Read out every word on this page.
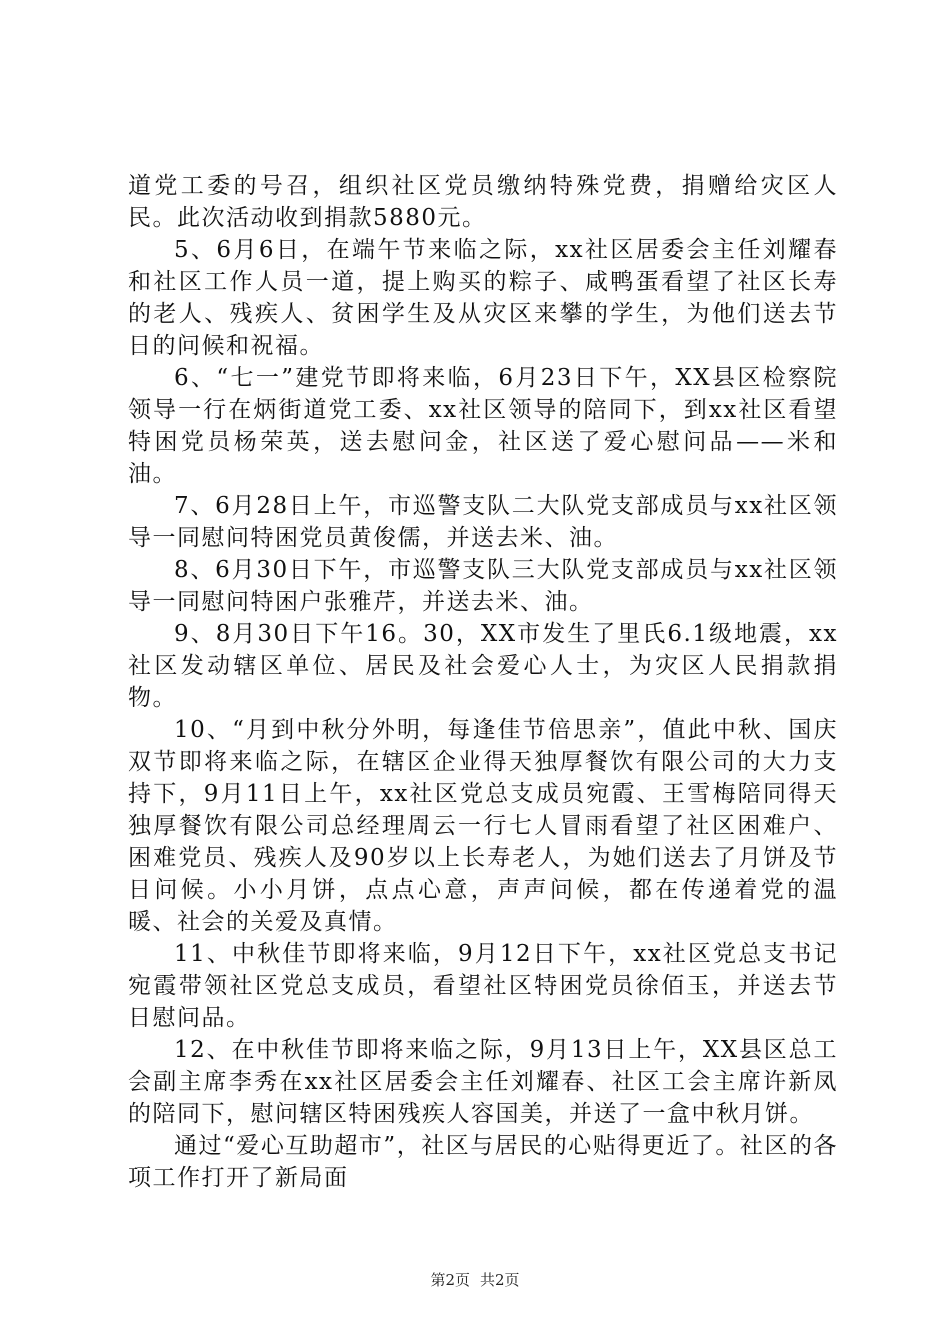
道党工委的号召，组织社区党员缴纳特殊党费，捐赠给灾区人民。此次活动收到捐款5880元。

5、6月6日，在端午节来临之际，xx社区居委会主任刘耀春和社区工作人员一道，提上购买的粽子、咸鸭蛋看望了社区长寿的老人、残疾人、贫困学生及从灾区来攀的学生，为他们送去节日的问候和祝福。

6、“七一”建党节即将来临，6月23日下午，XX县区检察院领导一行在炳街道党工委、xx社区领导的陪同下，到xx社区看望特困党员杨荣英，送去慰问金，社区送了爱心慰问品——米和油。

7、6月28日上午，市巡警支队二大队党支部成员与xx社区领导一同慰问特困党员黄俊儒，并送去米、油。

8、6月30日下午，市巡警支队三大队党支部成员与xx社区领导一同慰问特困户张雅芹，并送去米、油。

9、8月30日下午16。30，XX市发生了里氏6.1级地震，xx社区发动辖区单位、居民及社会爱心人士，为灾区人民捐款捐物。

10、“月到中秋分外明，每逢佳节倍思亲”，值此中秋、国庆双节即将来临之际，在辖区企业得天独厚餐饮有限公司的大力支持下，9月11日上午，xx社区党总支成员宛霞、王雪梅陪同得天独厚餐饮有限公司总经理周云一行七人冒雨看望了社区困难户、困难党员、残疾人及90岁以上长寿老人，为她们送去了月饼及节日问候。小小月饼，点点心意，声声问候，都在传递着党的温暖、社会的关爱及真情。

11、中秋佳节即将来临，9月12日下午，xx社区党总支书记宛霞带领社区党总支成员，看望社区特困党员徐佰玉，并送去节日慰问品。

12、在中秋佳节即将来临之际，9月13日上午，XX县区总工会副主席李秀在xx社区居委会主任刘耀春、社区工会主席许新凤的陪同下，慰问辖区特困残疾人容国美，并送了一盒中秋月饼。

通过“爱心互助超市”，社区与居民的心贴得更近了。社区的各项工作打开了新局面

第2页 共2页
